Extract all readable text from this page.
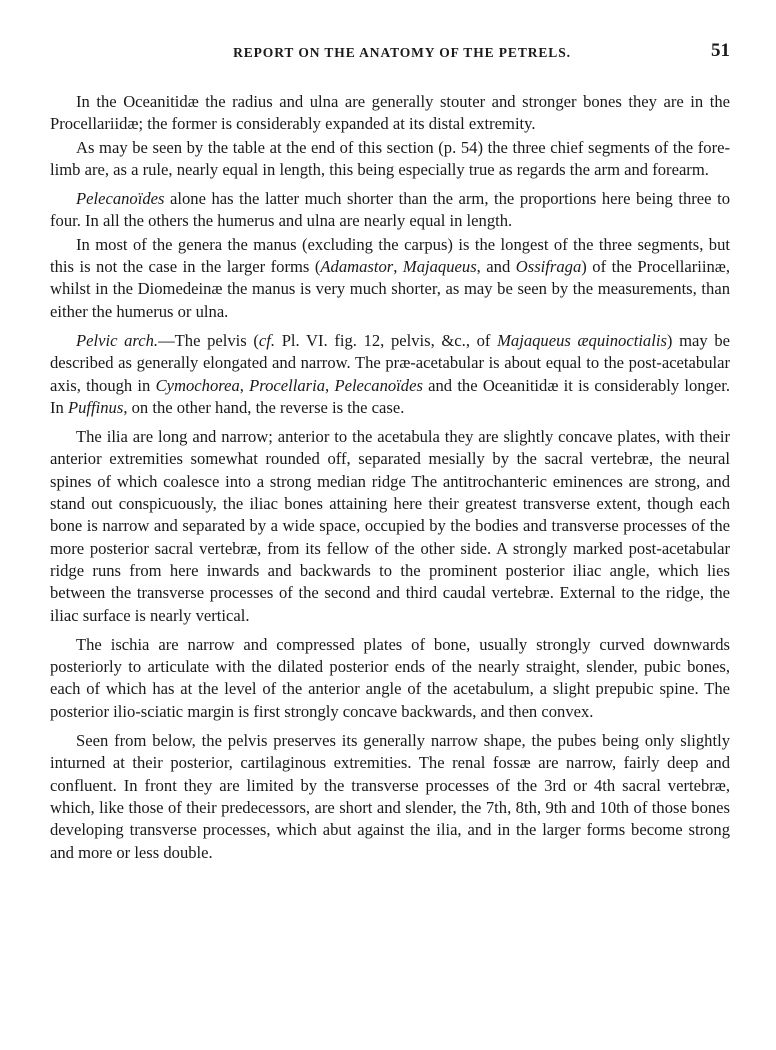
REPORT ON THE ANATOMY OF THE PETRELS.	51

In the Oceanitidæ the radius and ulna are generally stouter and stronger bones they are in the Procellariidæ; the former is considerably expanded at its distal extremity.

As may be seen by the table at the end of this section (p. 54) the three chief segments of the fore-limb are, as a rule, nearly equal in length, this being especially true as regards the arm and forearm.

Pelecanoïdes alone has the latter much shorter than the arm, the proportions here being three to four. In all the others the humerus and ulna are nearly equal in length.

In most of the genera the manus (excluding the carpus) is the longest of the three segments, but this is not the case in the larger forms (Adamastor, Majaqueus, and Ossifraga) of the Procellariinæ, whilst in the Diomedeinæ the manus is very much shorter, as may be seen by the measurements, than either the humerus or ulna.

Pelvic arch.—The pelvis (cf. Pl. VI. fig. 12, pelvis, &c., of Majaqueus æquinoctialis) may be described as generally elongated and narrow. The præ-acetabular is about equal to the post-acetabular axis, though in Cymochorea, Procellaria, Pelecanoïdes and the Oceanitidæ it is considerably longer. In Puffinus, on the other hand, the reverse is the case.

The ilia are long and narrow; anterior to the acetabula they are slightly concave plates, with their anterior extremities somewhat rounded off, separated mesially by the sacral vertebræ, the neural spines of which coalesce into a strong median ridge The antitrochanteric eminences are strong, and stand out conspicuously, the iliac bones attaining here their greatest transverse extent, though each bone is narrow and separated by a wide space, occupied by the bodies and transverse processes of the more posterior sacral vertebræ, from its fellow of the other side. A strongly marked post-acetabular ridge runs from here inwards and backwards to the prominent posterior iliac angle, which lies between the transverse processes of the second and third caudal vertebræ. External to the ridge, the iliac surface is nearly vertical.

The ischia are narrow and compressed plates of bone, usually strongly curved downwards posteriorly to articulate with the dilated posterior ends of the nearly straight, slender, pubic bones, each of which has at the level of the anterior angle of the acetabulum, a slight prepubic spine. The posterior ilio-sciatic margin is first strongly concave backwards, and then convex.

Seen from below, the pelvis preserves its generally narrow shape, the pubes being only slightly inturned at their posterior, cartilaginous extremities. The renal fossæ are narrow, fairly deep and confluent. In front they are limited by the transverse processes of the 3rd or 4th sacral vertebræ, which, like those of their predecessors, are short and slender, the 7th, 8th, 9th and 10th of those bones developing transverse processes, which abut against the ilia, and in the larger forms become strong and more or less double.
